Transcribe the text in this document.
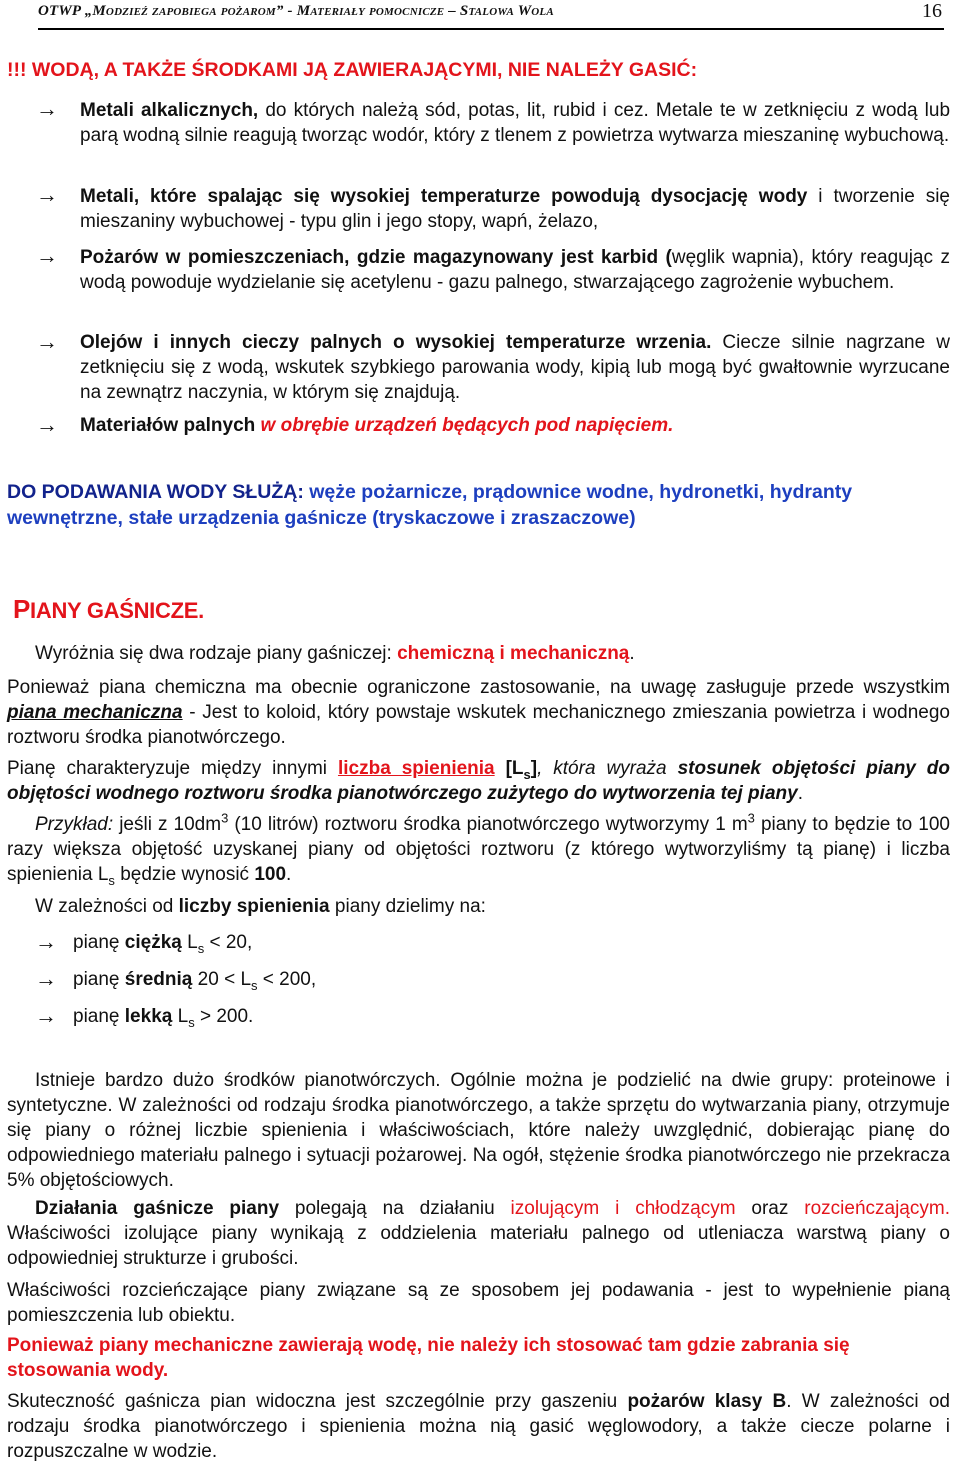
OTWP „Modzieź zapobiega pożarom” - Materiały pomocnicze – Stalowa Wola	16
!!! WODĄ, A TAKŻE ŚRODKAMI JĄ ZAWIERAJĄCYMI, NIE NALEŻY GASIĆ:
→ Metali alkalicznych, do których należą sód, potas, lit, rubid i cez. Metale te w zetknięciu z wodą lub parą wodną silnie reagują tworząc wodór, który z tlenem z powietrza wytwarza mieszaninę wybuchową.
→ Metali, które spalając się wysokiej temperaturze powodują dysocjację wody i tworzenie się mieszaniny wybuchowej - typu glin i jego stopy, wapń, żelazo,
→ Pożarów w pomieszczeniach, gdzie magazynowany jest karbid (węglik wapnia), który reagując z wodą powoduje wydzielanie się acetylenu - gazu palnego, stwarzającego zagrożenie wybuchem.
→ Olejów i innych cieczy palnych o wysokiej temperaturze wrzenia. Ciecze silnie nagrzane w zetknięciu się z wodą, wskutek szybkiego parowania wody, kipią lub mogą być gwałtownie wyrzucane na zewnątrz naczynia, w którym się znajdują.
→ Materiałów palnych w obrębie urządzeń będących pod napięciem.
DO PODAWANIA WODY SŁUŻĄ: węże pożarnicze, prądownice wodne, hydronetki, hydranty wewnętrzne, stałe urządzenia gaśnicze (tryskaczowe i zraszaczowe)
PIANY GAŚNICZE.
Wyróżnia się dwa rodzaje piany gaśniczej: chemiczną i mechaniczną.
Ponieważ piana chemiczna ma obecnie ograniczone zastosowanie, na uwagę zasługuje przede wszystkim piana mechaniczna - Jest to koloid, który powstaje wskutek mechanicznego zmieszania powietrza i wodnego roztworu środka pianotwórczego.
Pianę charakteryzuje między innymi liczba spienienia $[L_s]$, która wyraża stosunek objętości piany do objętości wodnego roztworu środka pianotwórczego zużytego do wytworzenia tej piany.
Przykład: jeśli z $10dm^3$ (10 litrów) roztworu środka pianotwórczego wytworzymy 1 $m^3$ piany to będzie to 100 razy większa objętość uzyskanej piany od objętości roztworu (z którego wytworzyliśmy tą pianę) i liczba spienienia $L_s$ będzie wynosić 100.
W zależności od liczby spienienia piany dzielimy na:
→ pianę ciężką $L_s < 20$,
→ pianę średnią $20 < L_s < 200$,
→ pianę lekką $L_s > 200$.
Istnieje bardzo dużo środków pianotwórczych. Ogólnie można je podzielić na dwie grupy: proteinowe i syntetyczne. W zależności od rodzaju środka pianotwórczego, a także sprzętu do wytwarzania piany, otrzymuje się piany o różnej liczbie spienienia i właściwościach, które należy uwzględnić, dobierając pianę do odpowiedniego materiału palnego i sytuacji pożarowej. Na ogół, stężenie środka pianotwórczego nie przekracza 5% objętościowych.
Działania gaśnicze piany polegają na działaniu izolującym i chłodzącym oraz rozcieńczającym. Właściwości izolujące piany wynikają z oddzielenia materiału palnego od utleniacza warstwą piany o odpowiedniej strukturze i grubości.
Właściwości rozcieńczające piany związane są ze sposobem jej podawania - jest to wypełnienie pianą pomieszczenia lub obiektu.
Ponieważ piany mechaniczne zawierają wodę, nie należy ich stosować tam gdzie zabrania się stosowania wody.
Skuteczność gaśnicza pian widoczna jest szczególnie przy gaszeniu pożarów klasy B. W zależności od rodzaju środka pianotwórczego i spienienia można nią gasić węglowodory, a także ciecze polarne i rozpuszczalne w wodzie.
